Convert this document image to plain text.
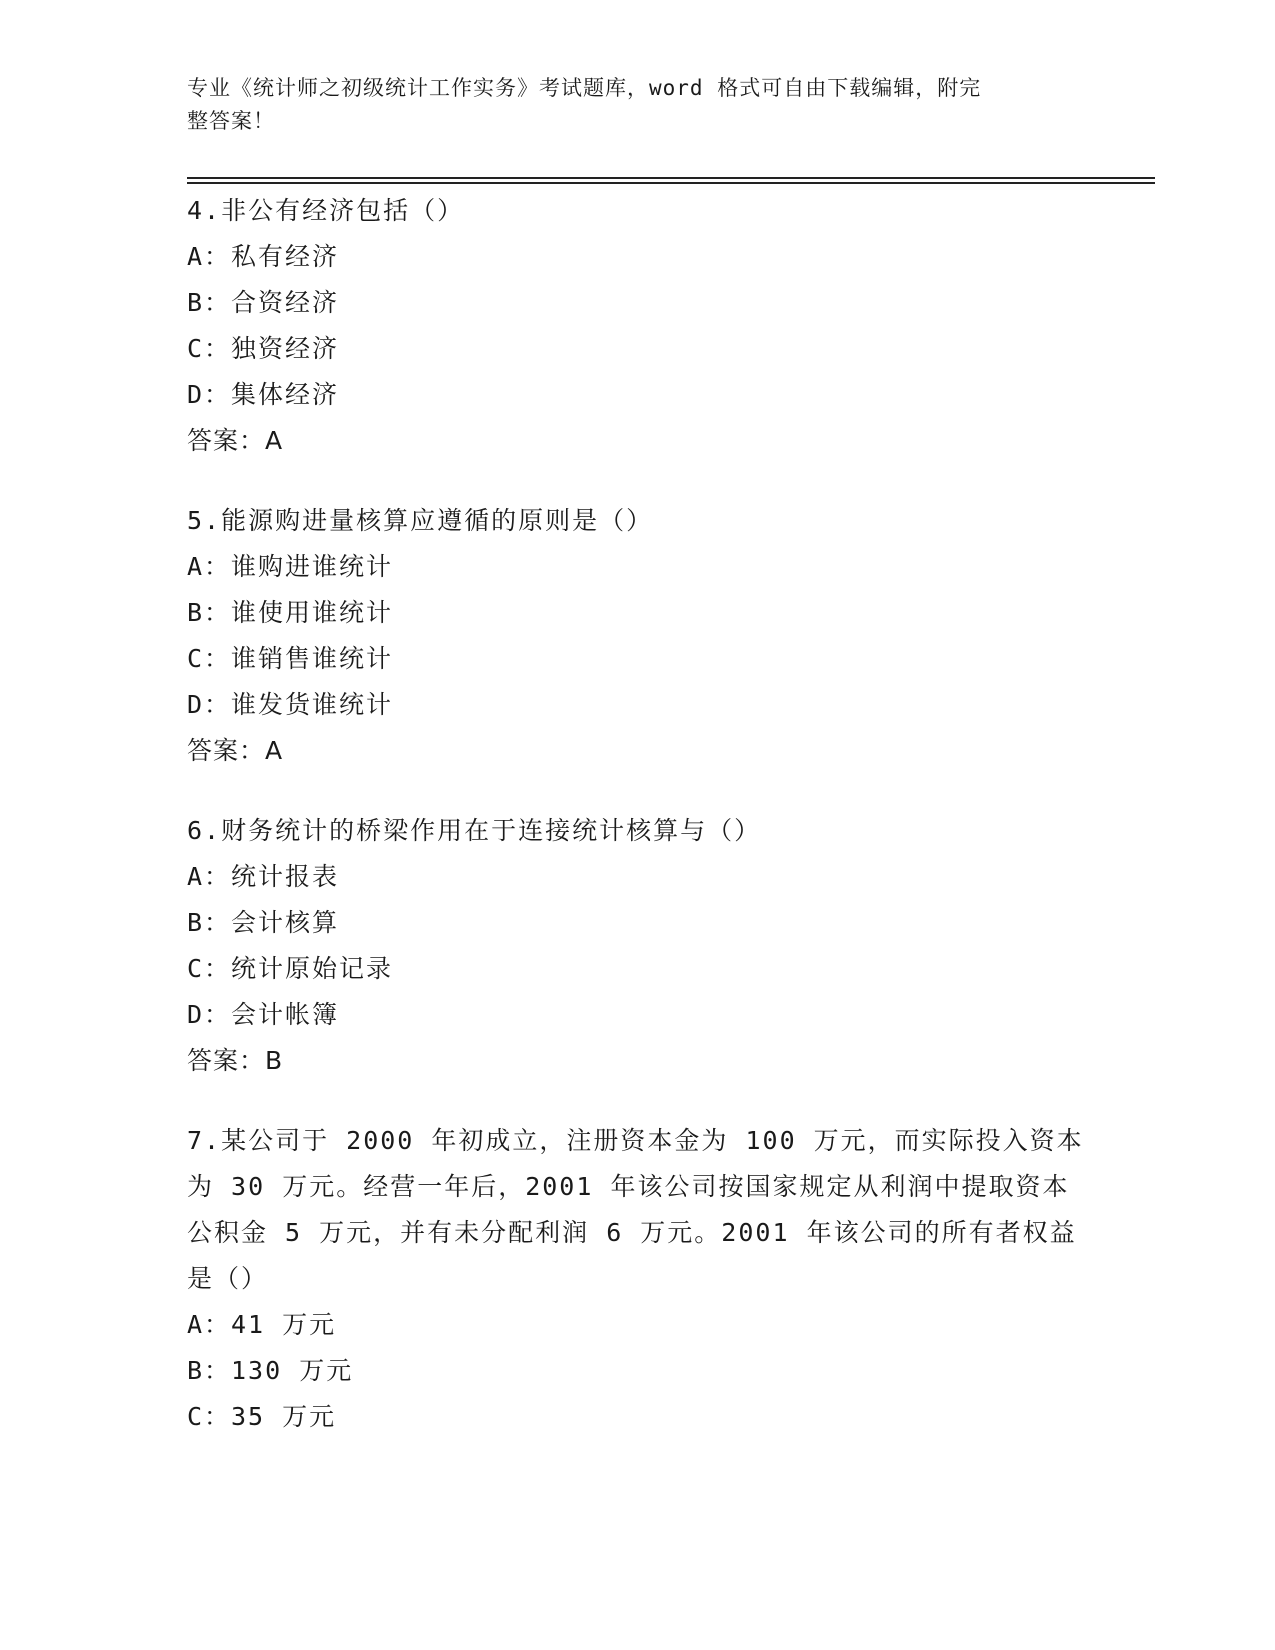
专业《统计师之初级统计工作实务》考试题库，word 格式可自由下载编辑，附完
整答案！
4.非公有经济包括（）
A：私有经济
B：合资经济
C：独资经济
D：集体经济
答案：A
5.能源购进量核算应遵循的原则是（）
A：谁购进谁统计
B：谁使用谁统计
C：谁销售谁统计
D：谁发货谁统计
答案：A
6.财务统计的桥梁作用在于连接统计核算与（）
A：统计报表
B：会计核算
C：统计原始记录
D：会计帐簿
答案：B
7.某公司于 2000 年初成立，注册资本金为 100 万元，而实际投入资本
为 30 万元。经营一年后，2001 年该公司按国家规定从利润中提取资本
公积金 5 万元，并有未分配利润 6 万元。2001 年该公司的所有者权益
是（）
A：41 万元
B：130 万元
C：35 万元
